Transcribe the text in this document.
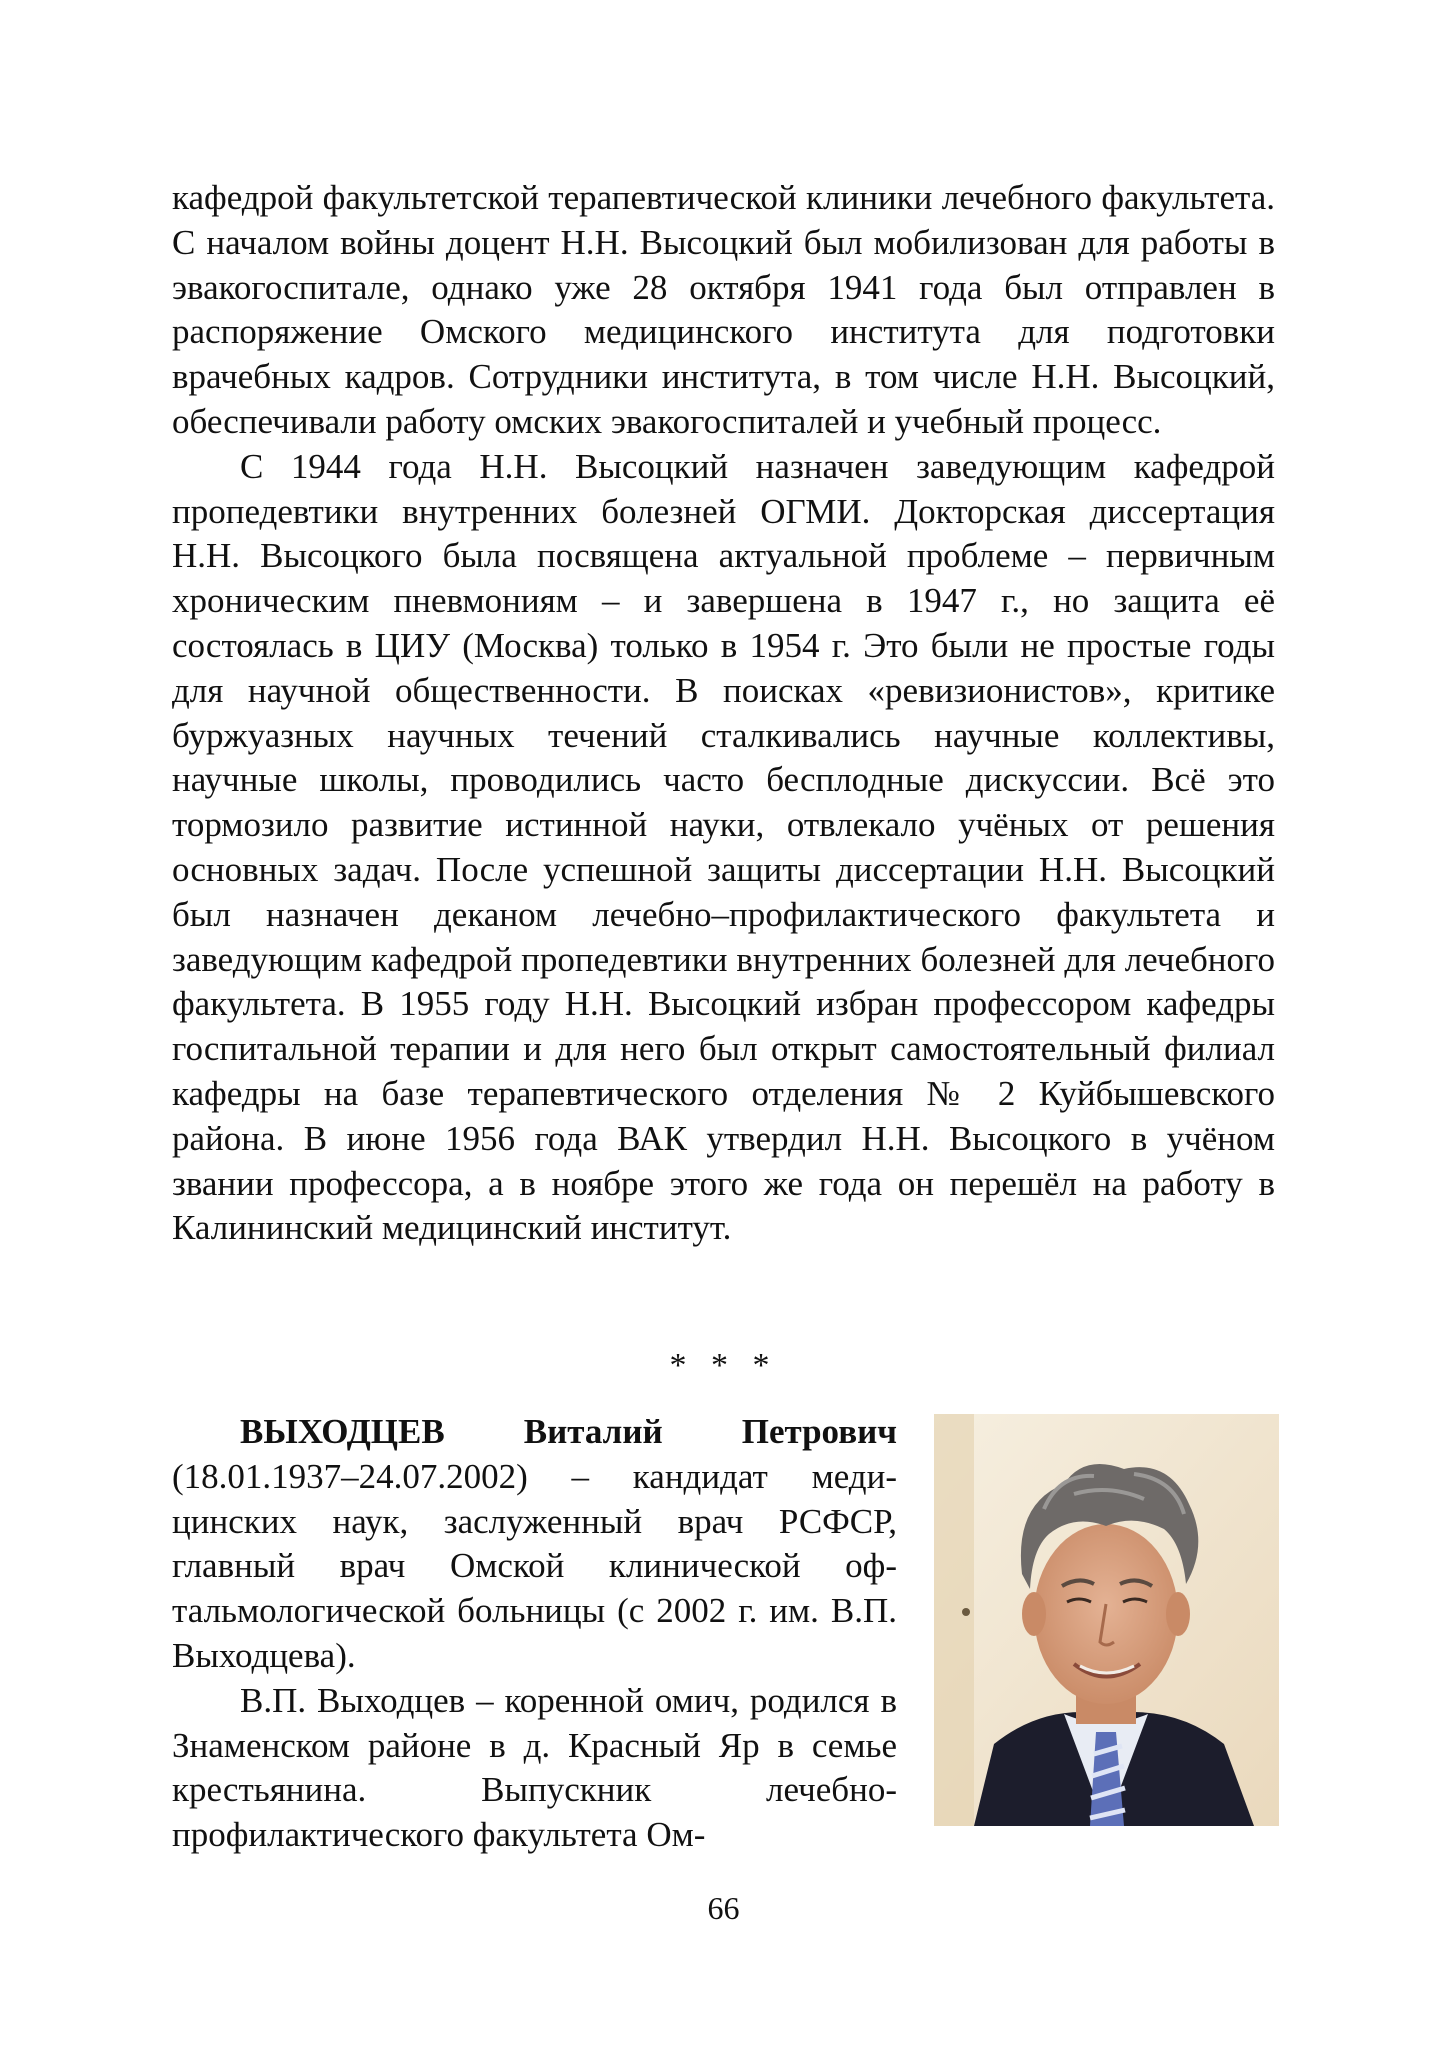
кафедрой факультетской терапевтической клиники лечебного факультета. С началом войны доцент Н.Н. Высоцкий был мобилизован для работы в эвакогоспитале, однако уже 28 октября 1941 года был отправлен в распоряжение Омского медицинского института для подготовки врачебных кадров. Сотрудники института, в том числе Н.Н. Высоцкий, обеспечивали работу омских эвакогоспиталей и учебный процесс.

С 1944 года Н.Н. Высоцкий назначен заведующим кафедрой пропедевтики внутренних болезней ОГМИ. Докторская диссертация Н.Н. Высоцкого была посвящена актуальной проблеме – первичным хроническим пневмониям – и завершена в 1947 г., но защита её состоялась в ЦИУ (Москва) только в 1954 г. Это были не простые годы для научной общественности. В поисках «ревизионистов», критике буржуазных научных течений сталкивались научные коллективы, научные школы, проводились часто бесплодные дискуссии. Всё это тормозило развитие истинной науки, отвлекало учёных от решения основных задач. После успешной защиты диссертации Н.Н. Высоцкий был назначен деканом лечебно–профилактического факультета и заведующим кафедрой пропедевтики внутренних болезней для лечебного факультета. В 1955 году Н.Н. Высоцкий избран профессором кафедры госпитальной терапии и для него был открыт самостоятельный филиал кафедры на базе терапевтического отделения № 2 Куйбышевского района. В июне 1956 года ВАК утвердил Н.Н. Высоцкого в учёном звании профессора, а в ноябре этого же года он перешёл на работу в Калининский медицинский институт.

* * *

ВЫХОДЦЕВ Виталий Петрович (18.01.1937–24.07.2002) – кандидат медицинских наук, заслуженный врач РСФСР, главный врач Омской клинической офтальмологической больницы (с 2002 г. им. В.П. Выходцева).

В.П. Выходцев – коренной омич, родился в Знаменском районе в д. Красный Яр в семье крестьянина. Выпускник лечебно-профилактического факультета Ом-

66
